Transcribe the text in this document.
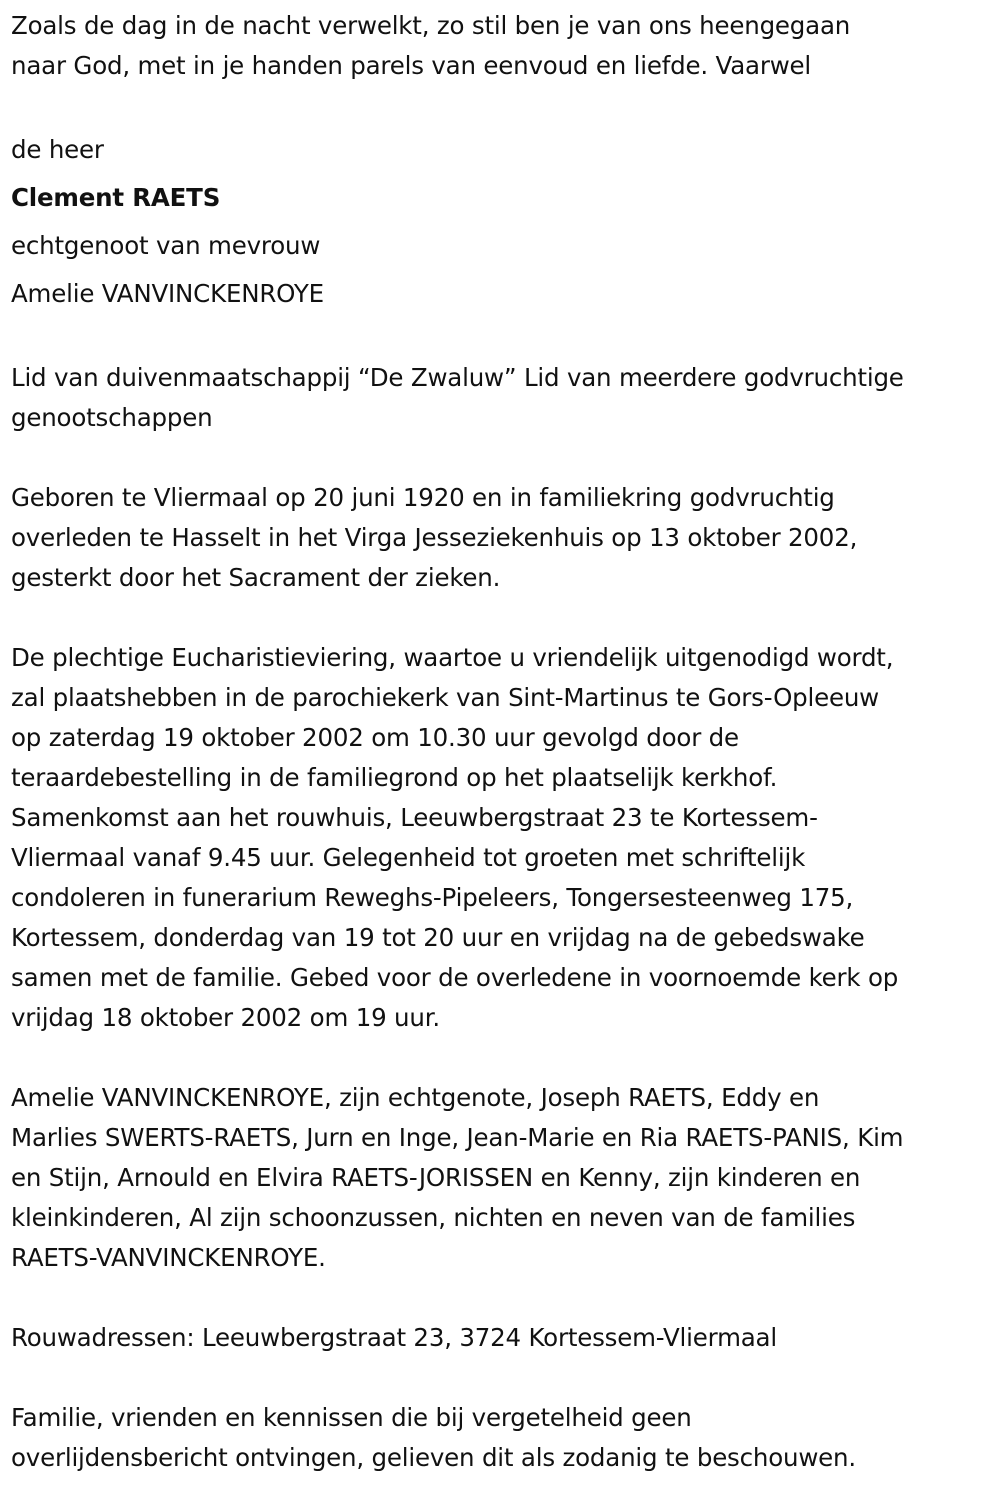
Zoals de dag in de nacht verwelkt, zo stil ben je van ons heengegaan
naar God, met in je handen parels van eenvoud en liefde. Vaarwel

de heer

Clement RAETS

echtgenoot van mevrouw

Amelie VANVINCKENROYE

Lid van duivenmaatschappij “De Zwaluw” Lid van meerdere godvruchtige
genootschappen

Geboren te Vliermaal op 20 juni 1920 en in familiekring godvruchtig
overleden te Hasselt in het Virga Jesseziekenhuis op 13 oktober 2002,
gesterkt door het Sacrament der zieken.

De plechtige Eucharistieviering, waartoe u vriendelijk uitgenodigd wordt,
zal plaatshebben in de parochiekerk van Sint-Martinus te Gors-Opleeuw
op zaterdag 19 oktober 2002 om 10.30 uur gevolgd door de
teraardebestelling in de familiegrond op het plaatselijk kerkhof.
Samenkomst aan het rouwhuis, Leeuwbergstraat 23 te Kortessem-
Vliermaal vanaf 9.45 uur. Gelegenheid tot groeten met schriftelijk
condoleren in funerarium Reweghs-Pipeleers, Tongersesteenweg 175,
Kortessem, donderdag van 19 tot 20 uur en vrijdag na de gebedswake
samen met de familie. Gebed voor de overledene in voornoemde kerk op
vrijdag 18 oktober 2002 om 19 uur.

Amelie VANVINCKENROYE, zijn echtgenote, Joseph RAETS, Eddy en
Marlies SWERTS-RAETS, Jurn en Inge, Jean-Marie en Ria RAETS-PANIS, Kim
en Stijn, Arnould en Elvira RAETS-JORISSEN en Kenny, zijn kinderen en
kleinkinderen, Al zijn schoonzussen, nichten en neven van de families
RAETS-VANVINCKENROYE.

Rouwadressen: Leeuwbergstraat 23, 3724 Kortessem-Vliermaal

Familie, vrienden en kennissen die bij vergetelheid geen
overlijdensbericht ontvingen, gelieven dit als zodanig te beschouwen.
